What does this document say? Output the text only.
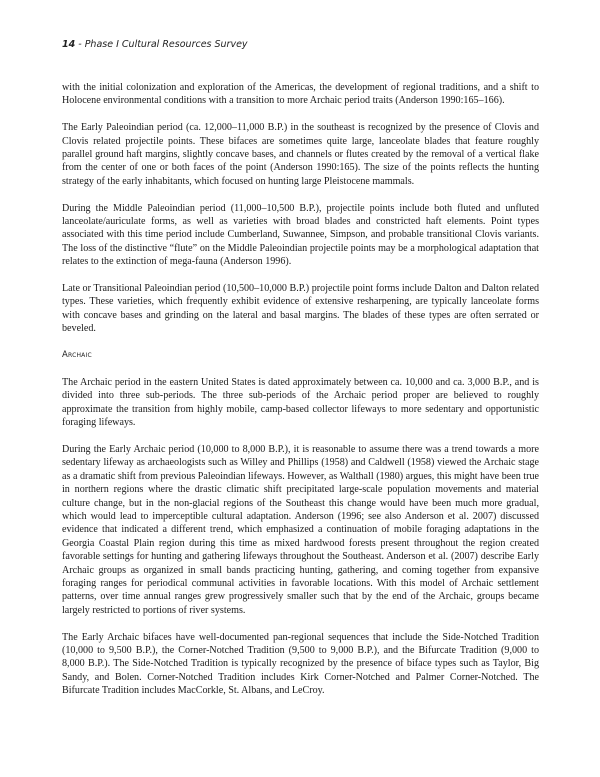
14 - Phase I Cultural Resources Survey

with the initial colonization and exploration of the Americas, the development of regional traditions, and a shift to Holocene environmental conditions with a transition to more Archaic period traits (Anderson 1990:165–166).

The Early Paleoindian period (ca. 12,000–11,000 B.P.) in the southeast is recognized by the presence of Clovis and Clovis related projectile points. These bifaces are sometimes quite large, lanceolate blades that feature roughly parallel ground haft margins, slightly concave bases, and channels or flutes created by the removal of a vertical flake from the center of one or both faces of the point (Anderson 1990:165). The size of the points reflects the hunting strategy of the early inhabitants, which focused on hunting large Pleistocene mammals.

During the Middle Paleoindian period (11,000–10,500 B.P.), projectile points include both fluted and unfluted lanceolate/auriculate forms, as well as varieties with broad blades and constricted haft elements. Point types associated with this time period include Cumberland, Suwannee, Simpson, and probable transitional Clovis variants. The loss of the distinctive “flute” on the Middle Paleoindian projectile points may be a morphological adaptation that relates to the extinction of mega-fauna (Anderson 1996).

Late or Transitional Paleoindian period (10,500–10,000 B.P.) projectile point forms include Dalton and Dalton related types. These varieties, which frequently exhibit evidence of extensive resharpening, are typically lanceolate forms with concave bases and grinding on the lateral and basal margins. The blades of these types are often serrated or beveled.

Archaic

The Archaic period in the eastern United States is dated approximately between ca. 10,000 and ca. 3,000 B.P., and is divided into three sub-periods. The three sub-periods of the Archaic period proper are believed to roughly approximate the transition from highly mobile, camp-based collector lifeways to more sedentary and opportunistic foraging lifeways.

During the Early Archaic period (10,000 to 8,000 B.P.), it is reasonable to assume there was a trend towards a more sedentary lifeway as archaeologists such as Willey and Phillips (1958) and Caldwell (1958) viewed the Archaic stage as a dramatic shift from previous Paleoindian lifeways. However, as Walthall (1980) argues, this might have been true in northern regions where the drastic climatic shift precipitated large-scale population movements and material culture change, but in the non-glacial regions of the Southeast this change would have been much more gradual, which would lead to imperceptible cultural adaptation. Anderson (1996; see also Anderson et al. 2007) discussed evidence that indicated a different trend, which emphasized a continuation of mobile foraging adaptations in the Georgia Coastal Plain region during this time as mixed hardwood forests present throughout the region created favorable settings for hunting and gathering lifeways throughout the Southeast. Anderson et al. (2007) describe Early Archaic groups as organized in small bands practicing hunting, gathering, and coming together from expansive foraging ranges for periodical communal activities in favorable locations. With this model of Archaic settlement patterns, over time annual ranges grew progressively smaller such that by the end of the Archaic, groups became largely restricted to portions of river systems.

The Early Archaic bifaces have well-documented pan-regional sequences that include the Side-Notched Tradition (10,000 to 9,500 B.P.), the Corner-Notched Tradition (9,500 to 9,000 B.P.), and the Bifurcate Tradition (9,000 to 8,000 B.P.). The Side-Notched Tradition is typically recognized by the presence of biface types such as Taylor, Big Sandy, and Bolen. Corner-Notched Tradition includes Kirk Corner-Notched and Palmer Corner-Notched. The Bifurcate Tradition includes MacCorkle, St. Albans, and LeCroy.
